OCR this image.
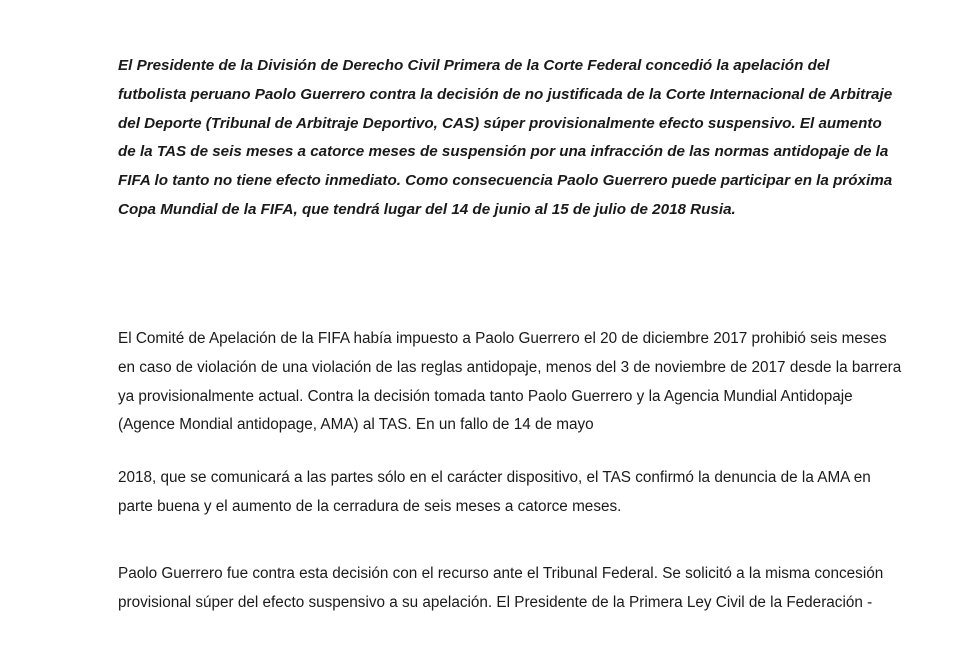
El Presidente de la División de Derecho Civil Primera de la Corte Federal concedió la apelación del
futbolista peruano Paolo Guerrero contra la decisión de no justificada de la Corte Internacional de Arbitraje
del Deporte (Tribunal de Arbitraje Deportivo, CAS) súper provisionalmente efecto suspensivo. El aumento
de la TAS de seis meses a catorce meses de suspensión por una infracción de las normas antidopaje de la
FIFA lo tanto no tiene efecto inmediato. Como consecuencia Paolo Guerrero puede participar en la próxima
Copa Mundial de la FIFA, que tendrá lugar del 14 de junio al 15 de julio de 2018 Rusia.

El Comité de Apelación de la FIFA había impuesto a Paolo Guerrero el 20 de diciembre 2017 prohibió seis meses
en caso de violación de una violación de las reglas antidopaje, menos del 3 de noviembre de 2017 desde la barrera
ya provisionalmente actual. Contra la decisión tomada tanto Paolo Guerrero y la Agencia Mundial Antidopaje
(Agence Mondial antidopage, AMA) al TAS. En un fallo de 14 de mayo

2018, que se comunicará a las partes sólo en el carácter dispositivo, el TAS confirmó la denuncia de la AMA en
parte buena y el aumento de la cerradura de seis meses a catorce meses.

Paolo Guerrero fue contra esta decisión con el recurso ante el Tribunal Federal. Se solicitó a la misma concesión
provisional súper del efecto suspensivo a su apelación. El Presidente de la Primera Ley Civil de la Federación -
